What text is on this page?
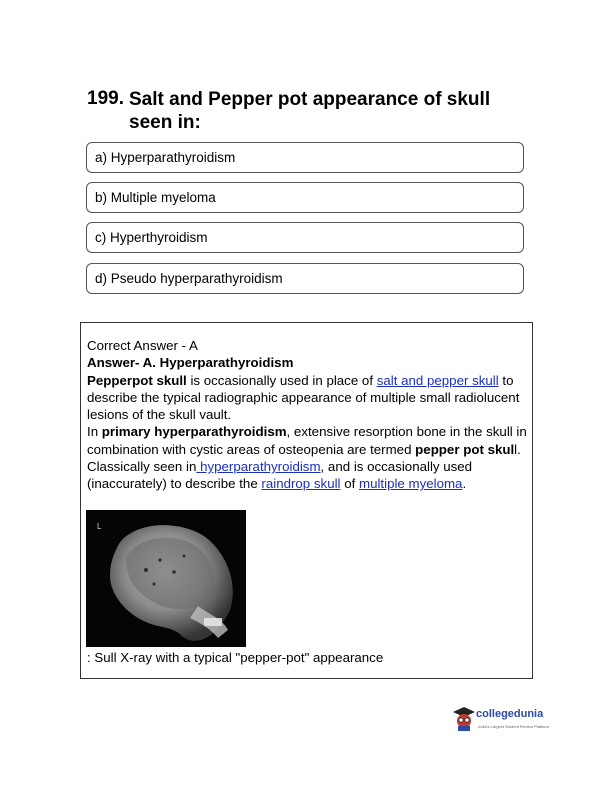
199. Salt and Pepper pot appearance of skull seen in:
a) Hyperparathyroidism
b) Multiple myeloma
c) Hyperthyroidism
d) Pseudo hyperparathyroidism

Correct Answer - A

Answer- A. Hyperparathyroidism

Pepperpot skull is occasionally used in place of salt and pepper skull to describe the typical radiographic appearance of multiple small radiolucent lesions of the skull vault.

In primary hyperparathyroidism, extensive resorption bone in the skull in combination with cystic areas of osteopenia are termed pepper pot skull.

Classically seen in hyperparathyroidism, and is occasionally used (inaccurately) to describe the raindrop skull of multiple myeloma.

L
: Sull X-ray with a typical "pepper-pot" appearance
collegedunia
India's Largest Student Review Platform
